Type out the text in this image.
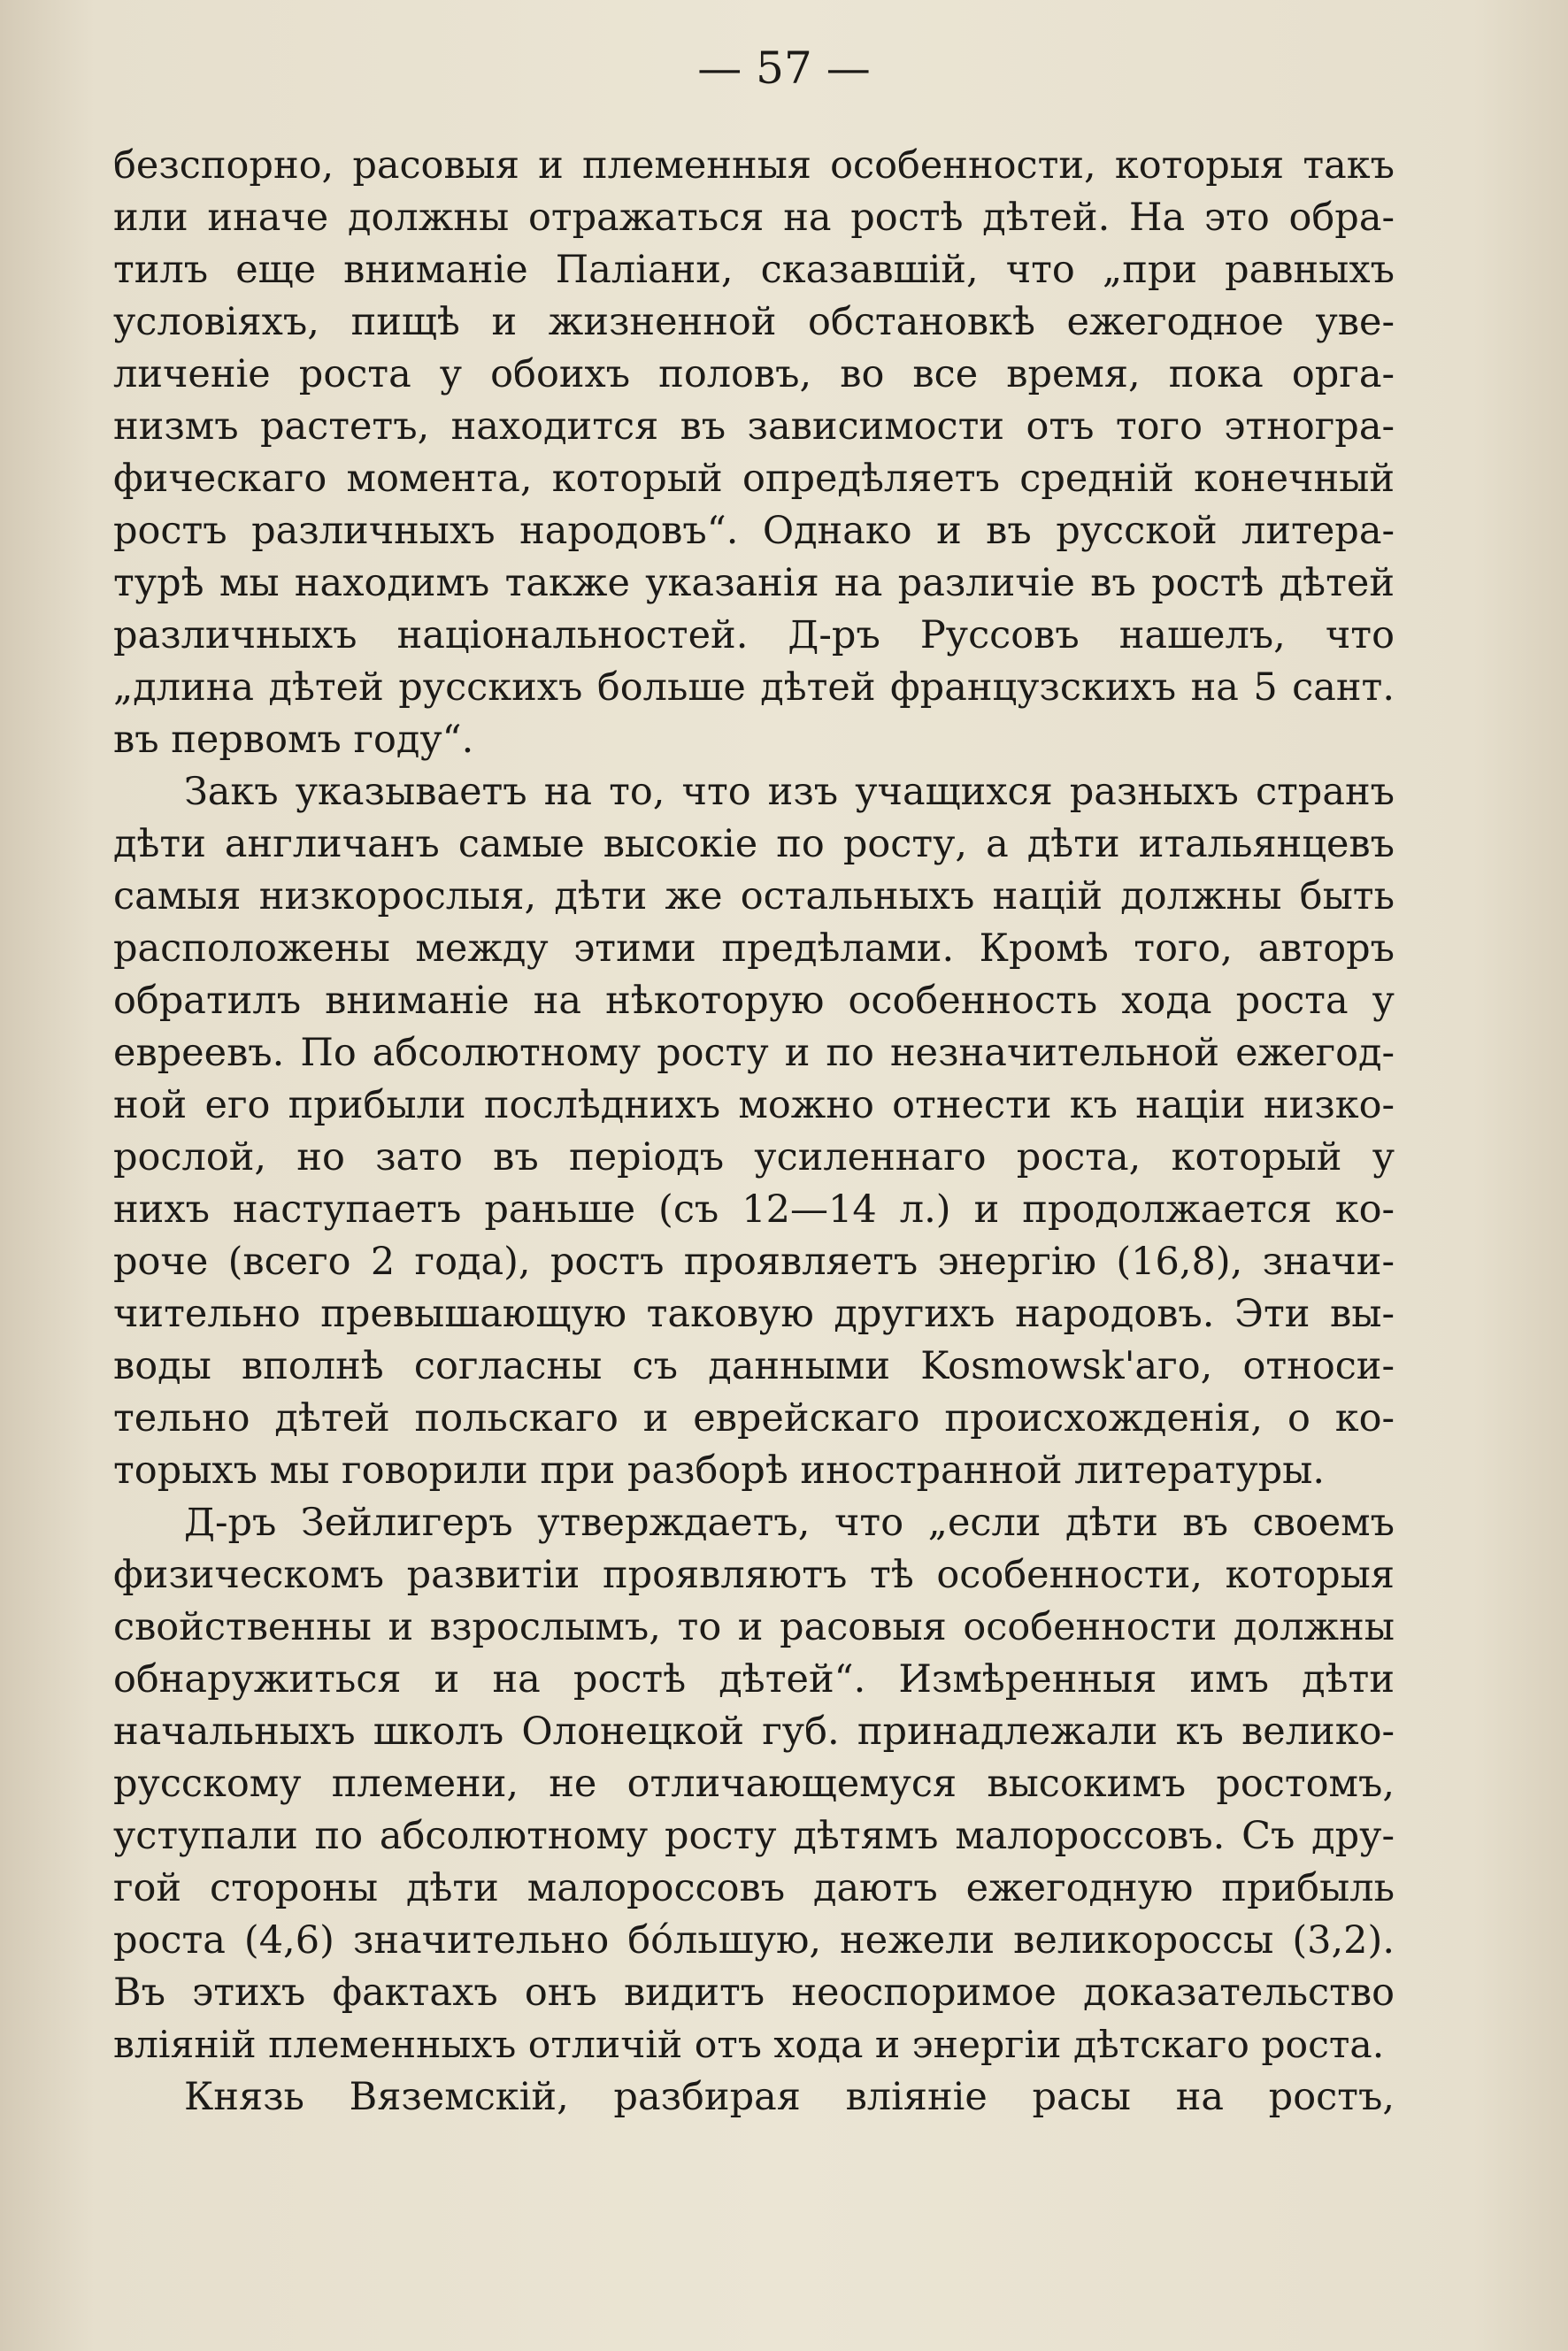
— 57 —
безспорно, расовыя и племенныя особенности, которыя такъ
или иначе должны отражаться на ростѣ дѣтей. На это обра-
тилъ еще вниманіе Паліани, сказавшій, что „при равныхъ
условіяхъ, пищѣ и жизненной обстановкѣ ежегодное уве-
личеніе роста у обоихъ половъ, во все время, пока орга-
низмъ растетъ, находится въ зависимости отъ того этногра-
фическаго момента, который опредѣляетъ средній конечный
ростъ различныхъ народовъ“. Однако и въ русской литера-
турѣ мы находимъ также указанія на различіе въ ростѣ дѣтей
различныхъ національностей. Д-ръ Руссовъ нашелъ, что
„длина дѣтей русскихъ больше дѣтей французскихъ на 5 сант.
въ первомъ году“.
Закъ указываетъ на то, что изъ учащихся разныхъ странъ
дѣти англичанъ самые высокіе по росту, а дѣти итальянцевъ
самыя низкорослыя, дѣти же остальныхъ націй должны быть
расположены между этими предѣлами. Кромѣ того, авторъ
обратилъ вниманіе на нѣкоторую особенность хода роста у
евреевъ. По абсолютному росту и по незначительной ежегод-
ной его прибыли послѣднихъ можно отнести къ націи низко-
рослой, но зато въ періодъ усиленнаго роста, который у
нихъ наступаетъ раньше (съ 12—14 л.) и продолжается ко-
роче (всего 2 года), ростъ проявляетъ энергію (16,8), значи-
чительно превышающую таковую другихъ народовъ. Эти вы-
воды вполнѣ согласны съ данными Kosmowsk'аго, относи-
тельно дѣтей польскаго и еврейскаго происхожденія, о ко-
торыхъ мы говорили при разборѣ иностранной литературы.
Д-ръ Зейлигеръ утверждаетъ, что „если дѣти въ своемъ
физическомъ развитіи проявляютъ тѣ особенности, которыя
свойственны и взрослымъ, то и расовыя особенности должны
обнаружиться и на ростѣ дѣтей“. Измѣренныя имъ дѣти
начальныхъ школъ Олонецкой губ. принадлежали къ велико-
русскому племени, не отличающемуся высокимъ ростомъ,
уступали по абсолютному росту дѣтямъ малороссовъ. Съ дру-
гой стороны дѣти малороссовъ даютъ ежегодную прибыль
роста (4,6) значительно бóльшую, нежели великороссы (3,2).
Въ этихъ фактахъ онъ видитъ неоспоримое доказательство
вліяній племенныхъ отличій отъ хода и энергіи дѣтскаго роста.
Князь Вяземскій, разбирая вліяніе расы на ростъ,
